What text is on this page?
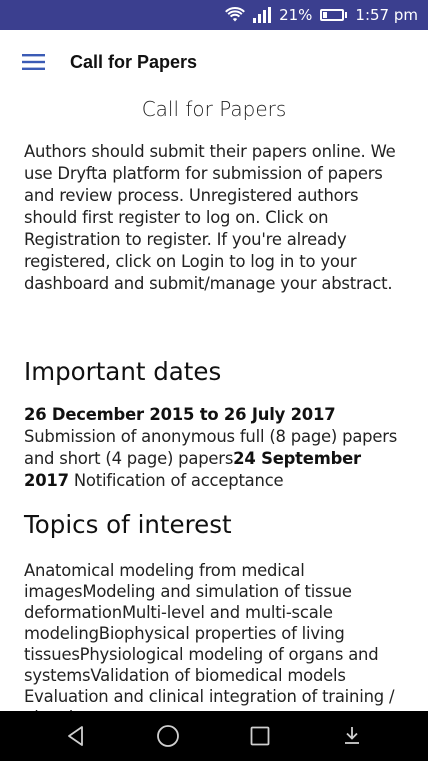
21%	1:57 pm
Call for Papers
Call for Papers

Authors should submit their papers online. We use Dryfta platform for submission of papers and review process. Unregistered authors should first register to log on. Click on Registration to register. If you're already registered, click on Login to log in to your dashboard and submit/manage your abstract.

Important dates

26 December 2015 to 26 July 2017 Submission of anonymous full (8 page) papers and short (4 page) papers24 September 2017 Notification of acceptance

Topics of interest

Anatomical modeling from medical imagesModeling and simulation of tissue deformationMulti-level and multi-scale modelingBiophysical properties of living tissuesPhysiological modeling of organs and systemsValidation of biomedical models Evaluation and clinical integration of training /
